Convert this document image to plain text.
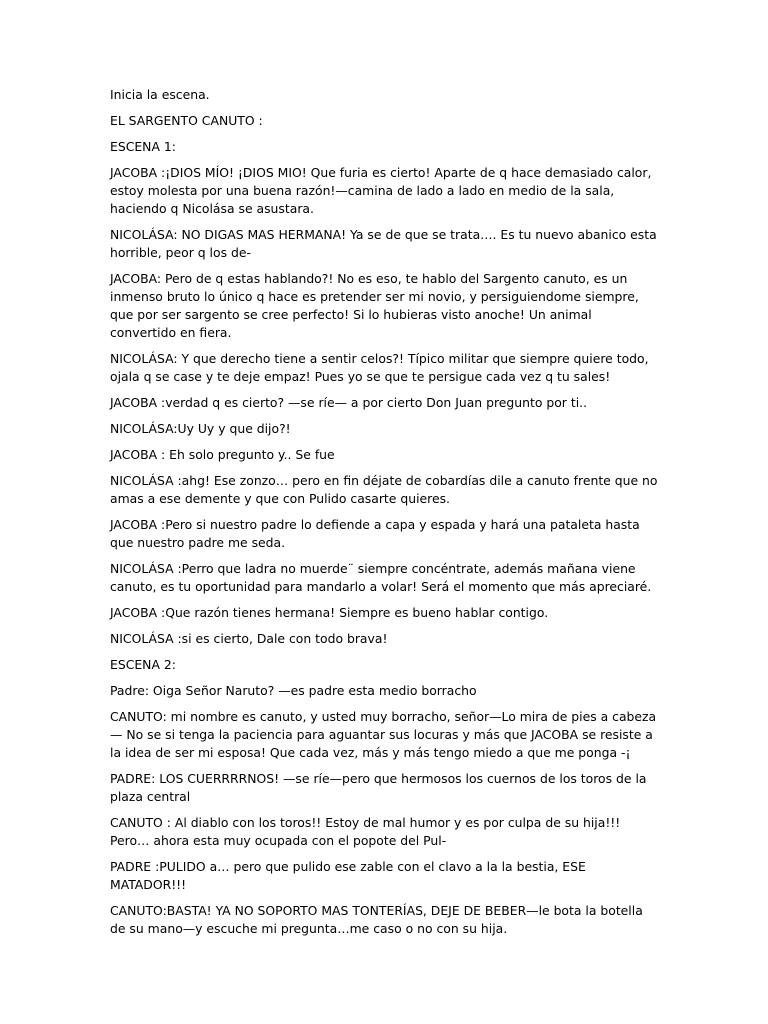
Inicia la escena.

EL SARGENTO CANUTO :

ESCENA 1:

JACOBA :¡DIOS MÍO! ¡DIOS MIO! Que furia es cierto! Aparte de q hace demasiado calor, estoy molesta por una buena razón!—camina de lado a lado en medio de la sala, haciendo q Nicolása se asustara.

NICOLÁSA: NO DIGAS MAS HERMANA! Ya se de que se trata…. Es tu nuevo abanico esta horrible, peor q los de-

JACOBA: Pero de q estas hablando?! No es eso, te hablo del Sargento canuto, es un inmenso bruto lo único q hace es pretender ser mi novio, y persiguiendome siempre, que por ser sargento se cree perfecto! Si lo hubieras visto anoche! Un animal convertido en fiera.

NICOLÁSA: Y que derecho tiene a sentir celos?! Típico militar que siempre quiere todo, ojala q se case y te deje empaz! Pues yo se que te persigue cada vez q tu sales!

JACOBA :verdad q es cierto? —se ríe— a por cierto Don Juan pregunto por ti..

NICOLÁSA:Uy Uy y que dijo?!

JACOBA : Eh solo pregunto y.. Se fue

NICOLÁSA :ahg! Ese zonzo… pero en fin déjate de cobardías dile a canuto frente que no amas a ese demente y que con Pulido casarte quieres.

JACOBA :Pero si nuestro padre lo defiende a capa y espada y hará una pataleta hasta que nuestro padre me seda.

NICOLÁSA :Perro que ladra no muerde¨ siempre concéntrate, además mañana viene canuto, es tu oportunidad para mandarlo a volar! Será el momento que más apreciaré.

JACOBA :Que razón tienes hermana! Siempre es bueno hablar contigo.

NICOLÁSA :si es cierto, Dale con todo brava!

ESCENA 2:

Padre: Oiga Señor Naruto? —es padre esta medio borracho

CANUTO: mi nombre es canuto, y usted muy borracho, señor—Lo mira de pies a cabeza— No se si tenga la paciencia para aguantar sus locuras y más que JACOBA se resiste a la idea de ser mi esposa! Que cada vez, más y más tengo miedo a que me ponga -¡

PADRE: LOS CUERRRRNOS! —se ríe—pero que hermosos los cuernos de los toros de la plaza central

CANUTO : Al diablo con los toros!! Estoy de mal humor y es por culpa de su hija!!! Pero… ahora esta muy ocupada con el popote del Pul-

PADRE :PULIDO a… pero que pulido ese zable con el clavo a la la bestia, ESE MATADOR!!!

CANUTO:BASTA! YA NO SOPORTO MAS TONTERÍAS, DEJE DE BEBER—le bota la botella de su mano—y escuche mi pregunta…me caso o no con su hija.
